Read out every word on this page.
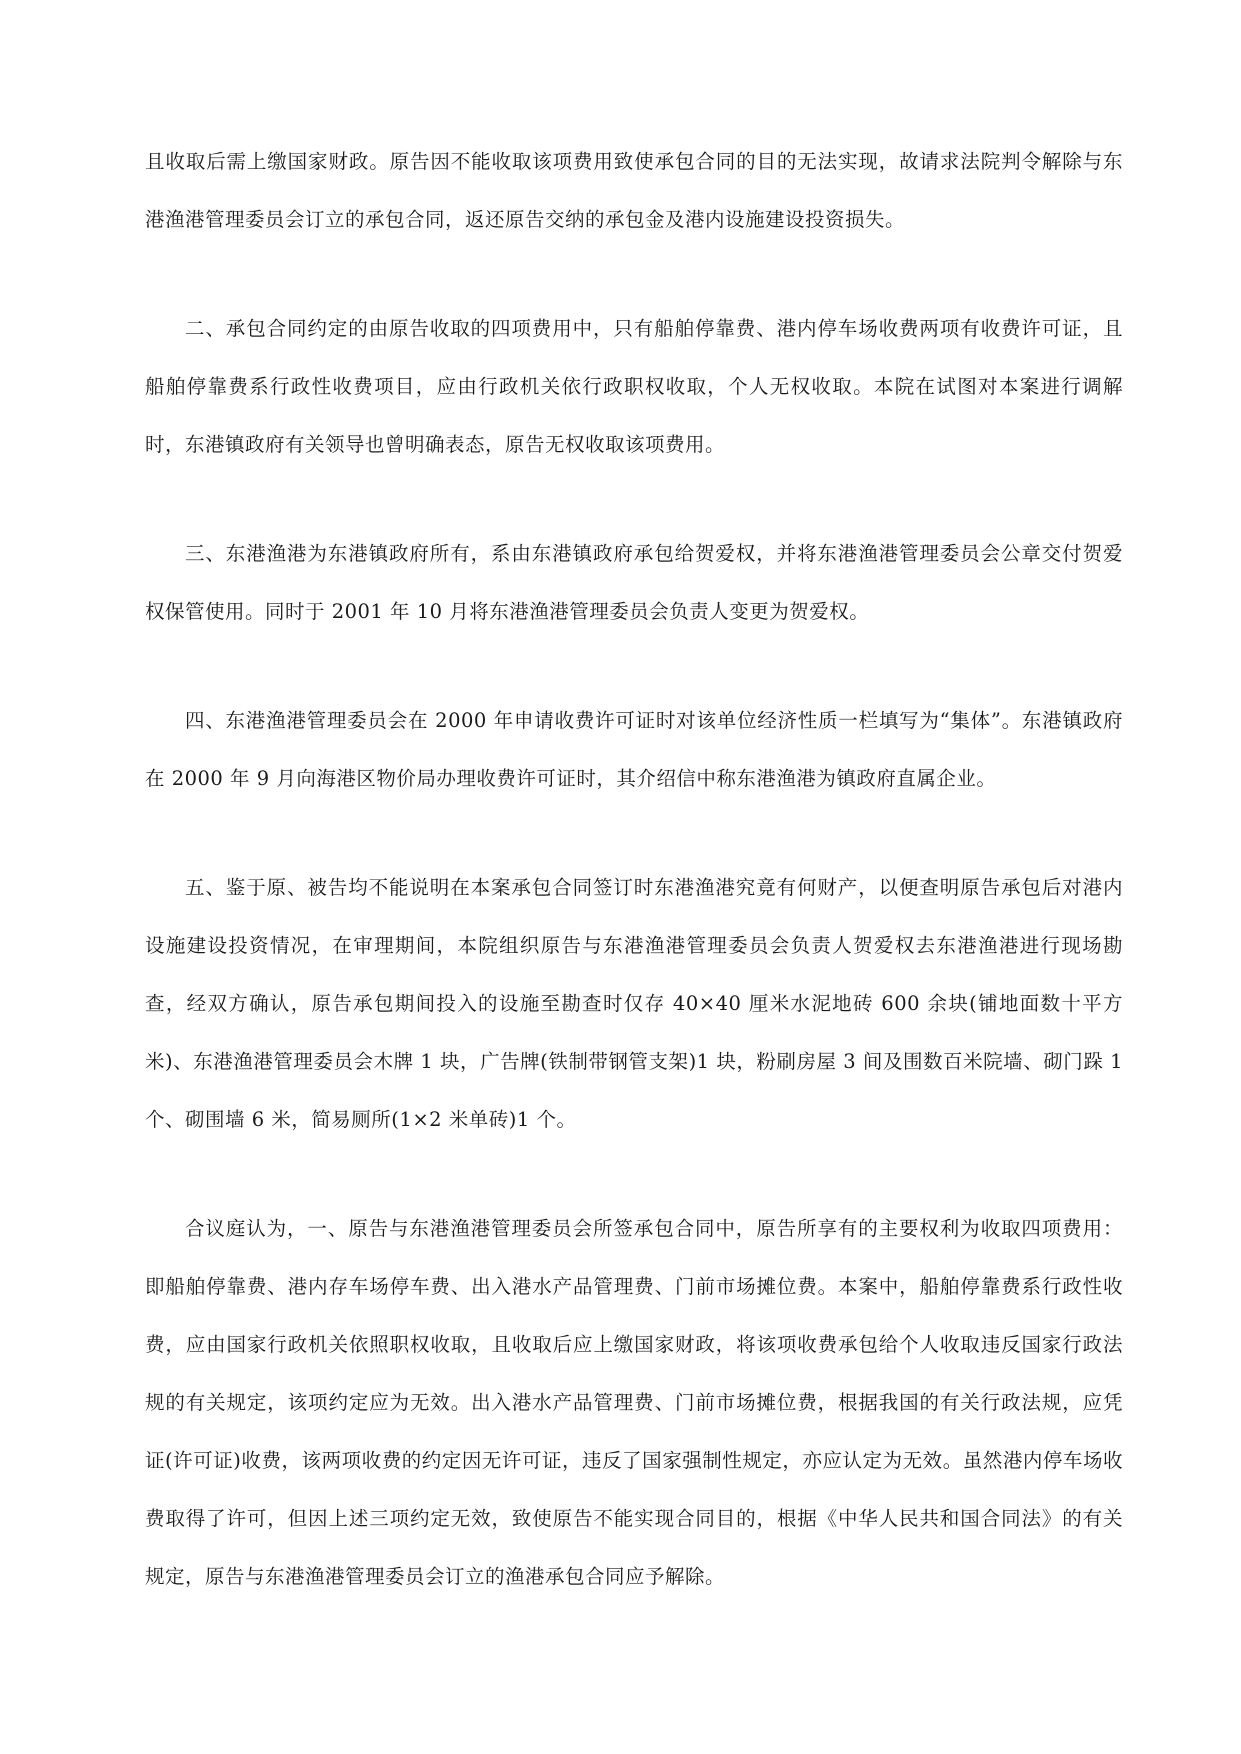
且收取后需上缴国家财政。原告因不能收取该项费用致使承包合同的目的无法实现，故请求法院判令解除与东港渔港管理委员会订立的承包合同，返还原告交纳的承包金及港内设施建设投资损失。

二、承包合同约定的由原告收取的四项费用中，只有船舶停靠费、港内停车场收费两项有收费许可证，且船舶停靠费系行政性收费项目，应由行政机关依行政职权收取，个人无权收取。本院在试图对本案进行调解时，东港镇政府有关领导也曾明确表态，原告无权收取该项费用。

三、东港渔港为东港镇政府所有，系由东港镇政府承包给贺爱权，并将东港渔港管理委员会公章交付贺爱权保管使用。同时于 2001 年 10 月将东港渔港管理委员会负责人变更为贺爱权。

四、东港渔港管理委员会在 2000 年申请收费许可证时对该单位经济性质一栏填写为“集体”。东港镇政府在 2000 年 9 月向海港区物价局办理收费许可证时，其介绍信中称东港渔港为镇政府直属企业。

五、鉴于原、被告均不能说明在本案承包合同签订时东港渔港究竟有何财产，以便查明原告承包后对港内设施建设投资情况，在审理期间，本院组织原告与东港渔港管理委员会负责人贺爱权去东港渔港进行现场勘查，经双方确认，原告承包期间投入的设施至勘查时仅存 40×40 厘米水泥地砖 600 余块(铺地面数十平方米)、东港渔港管理委员会木牌 1 块，广告牌(铁制带钢管支架)1 块，粉刷房屋 3 间及围数百米院墙、砌门跺 1 个、砌围墙 6 米，简易厕所(1×2 米单砖)1 个。

合议庭认为，一、原告与东港渔港管理委员会所签承包合同中，原告所享有的主要权利为收取四项费用：即船舶停靠费、港内存车场停车费、出入港水产品管理费、门前市场摊位费。本案中，船舶停靠费系行政性收费，应由国家行政机关依照职权收取，且收取后应上缴国家财政，将该项收费承包给个人收取违反国家行政法规的有关规定，该项约定应为无效。出入港水产品管理费、门前市场摊位费，根据我国的有关行政法规，应凭证(许可证)收费，该两项收费的约定因无许可证，违反了国家强制性规定，亦应认定为无效。虽然港内停车场收费取得了许可，但因上述三项约定无效，致使原告不能实现合同目的，根据《中华人民共和国合同法》的有关规定，原告与东港渔港管理委员会订立的渔港承包合同应予解除。
